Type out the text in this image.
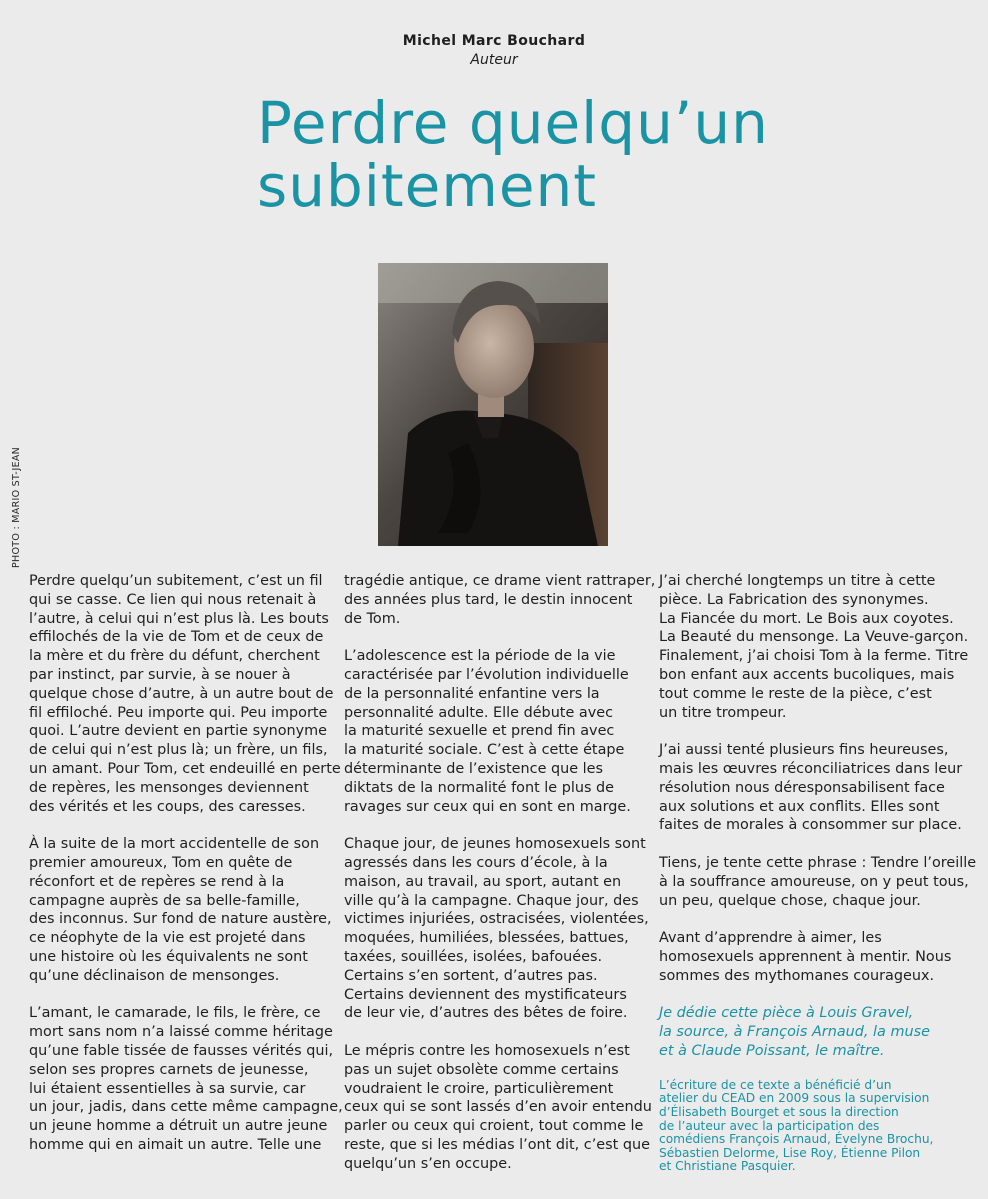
Michel Marc Bouchard
Auteur
Perdre quelqu’un
subitement
PHOTO : MARIO ST-JEAN

Perdre quelqu’un subitement, c’est un fil
qui se casse. Ce lien qui nous retenait à
l’autre, à celui qui n’est plus là. Les bouts
effilochés de la vie de Tom et de ceux de
la mère et du frère du défunt, cherchent
par instinct, par survie, à se nouer à
quelque chose d’autre, à un autre bout de
fil effiloché. Peu importe qui. Peu importe
quoi. L’autre devient en partie synonyme
de celui qui n’est plus là; un frère, un fils,
un amant. Pour Tom, cet endeuillé en perte
de repères, les mensonges deviennent
des vérités et les coups, des caresses.

À la suite de la mort accidentelle de son
premier amoureux, Tom en quête de
réconfort et de repères se rend à la
campagne auprès de sa belle-famille,
des inconnus. Sur fond de nature austère,
ce néophyte de la vie est projeté dans
une histoire où les équivalents ne sont
qu’une déclinaison de mensonges.

L’amant, le camarade, le fils, le frère, ce
mort sans nom n’a laissé comme héritage
qu’une fable tissée de fausses vérités qui,
selon ses propres carnets de jeunesse,
lui étaient essentielles à sa survie, car
un jour, jadis, dans cette même campagne,
un jeune homme a détruit un autre jeune
homme qui en aimait un autre. Telle une

tragédie antique, ce drame vient rattraper,
des années plus tard, le destin innocent
de Tom.

L’adolescence est la période de la vie
caractérisée par l’évolution individuelle
de la personnalité enfantine vers la
personnalité adulte. Elle débute avec
la maturité sexuelle et prend fin avec
la maturité sociale. C’est à cette étape
déterminante de l’existence que les
diktats de la normalité font le plus de
ravages sur ceux qui en sont en marge.

Chaque jour, de jeunes homosexuels sont
agressés dans les cours d’école, à la
maison, au travail, au sport, autant en
ville qu’à la campagne. Chaque jour, des
victimes injuriées, ostracisées, violentées,
moquées, humiliées, blessées, battues,
taxées, souillées, isolées, bafouées.
Certains s’en sortent, d’autres pas.
Certains deviennent des mystificateurs
de leur vie, d’autres des bêtes de foire.

Le mépris contre les homosexuels n’est
pas un sujet obsolète comme certains
voudraient le croire, particulièrement
ceux qui se sont lassés d’en avoir entendu
parler ou ceux qui croient, tout comme le
reste, que si les médias l’ont dit, c’est que
quelqu’un s’en occupe.

J’ai cherché longtemps un titre à cette
pièce. La Fabrication des synonymes.
La Fiancée du mort. Le Bois aux coyotes.
La Beauté du mensonge. La Veuve-garçon.
Finalement, j’ai choisi Tom à la ferme. Titre
bon enfant aux accents bucoliques, mais
tout comme le reste de la pièce, c’est
un titre trompeur.

J’ai aussi tenté plusieurs fins heureuses,
mais les œuvres réconciliatrices dans leur
résolution nous déresponsabilisent face
aux solutions et aux conflits. Elles sont
faites de morales à consommer sur place.

Tiens, je tente cette phrase : Tendre l’oreille
à la souffrance amoureuse, on y peut tous,
un peu, quelque chose, chaque jour.

Avant d’apprendre à aimer, les
homosexuels apprennent à mentir. Nous
sommes des mythomanes courageux.

Je dédie cette pièce à Louis Gravel,
la source, à François Arnaud, la muse
et à Claude Poissant, le maître.

L’écriture de ce texte a bénéficié d’un
atelier du CEAD en 2009 sous la supervision
d’Élisabeth Bourget et sous la direction
de l’auteur avec la participation des
comédiens François Arnaud, Évelyne Brochu,
Sébastien Delorme, Lise Roy, Étienne Pilon
et Christiane Pasquier.
